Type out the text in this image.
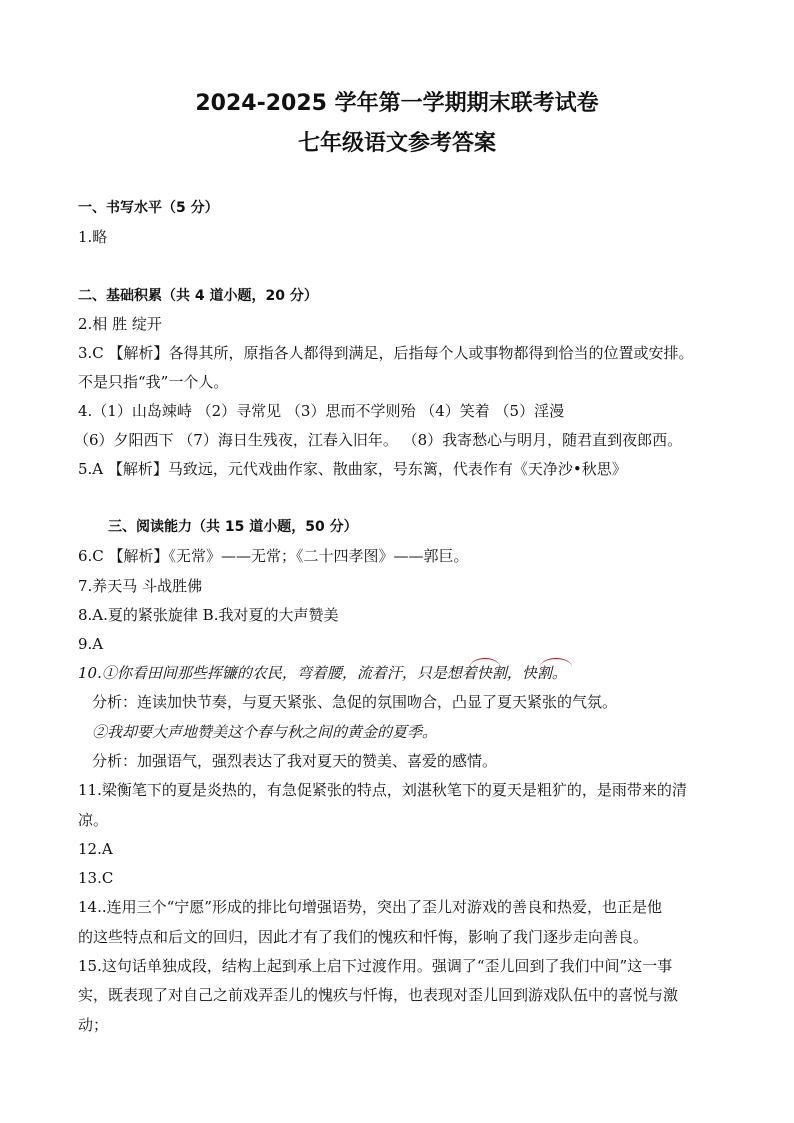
2024-2025 学年第一学期期末联考试卷
七年级语文参考答案
一、书写水平（5 分）
1.略
二、基础积累（共 4 道小题，20 分）
2.相 胜 绽开
3.C 【解析】各得其所，原指各人都得到满足，后指每个人或事物都得到恰当的位置或安排。
不是只指“我”一个人。
4.（1）山岛竦峙 （2）寻常见 （3）思而不学则殆 （4）笑着 （5）淫漫
（6）夕阳西下 （7）海日生残夜，江春入旧年。 （8）我寄愁心与明月，随君直到夜郎西。
5.A 【解析】马致远，元代戏曲作家、散曲家，号东篱，代表作有《天净沙•秋思》
三、阅读能力（共 15 道小题，50 分）
6.C 【解析】《无常》——无常；《二十四孝图》——郭巨。
7.养天马 斗战胜佛
8.A.夏的紧张旋律 B.我对夏的大声赞美
9.A
10.①你看田间那些挥镰的农民，弯着腰，流着汗，只是想着快割，快割。
分析：连读加快节奏，与夏天紧张、急促的氛围吻合，凸显了夏天紧张的气氛。
②我却要大声地赞美这个春与秋之间的黄金的夏季。
分析：加强语气，强烈表达了我对夏天的赞美、喜爱的感情。
11.梁衡笔下的夏是炎热的，有急促紧张的特点，刘湛秋笔下的夏天是粗犷的，是雨带来的清
凉。
12.A
13.C
14..连用三个“宁愿”形成的排比句增强语势，突出了歪儿对游戏的善良和热爱，也正是他
的这些特点和后文的回归，因此才有了我们的愧疚和忏悔，影响了我门逐步走向善良。
15.这句话单独成段，结构上起到承上启下过渡作用。强调了“歪儿回到了我们中间”这一事
实，既表现了对自己之前戏弄歪儿的愧疚与忏悔，也表现对歪儿回到游戏队伍中的喜悦与激
动；
